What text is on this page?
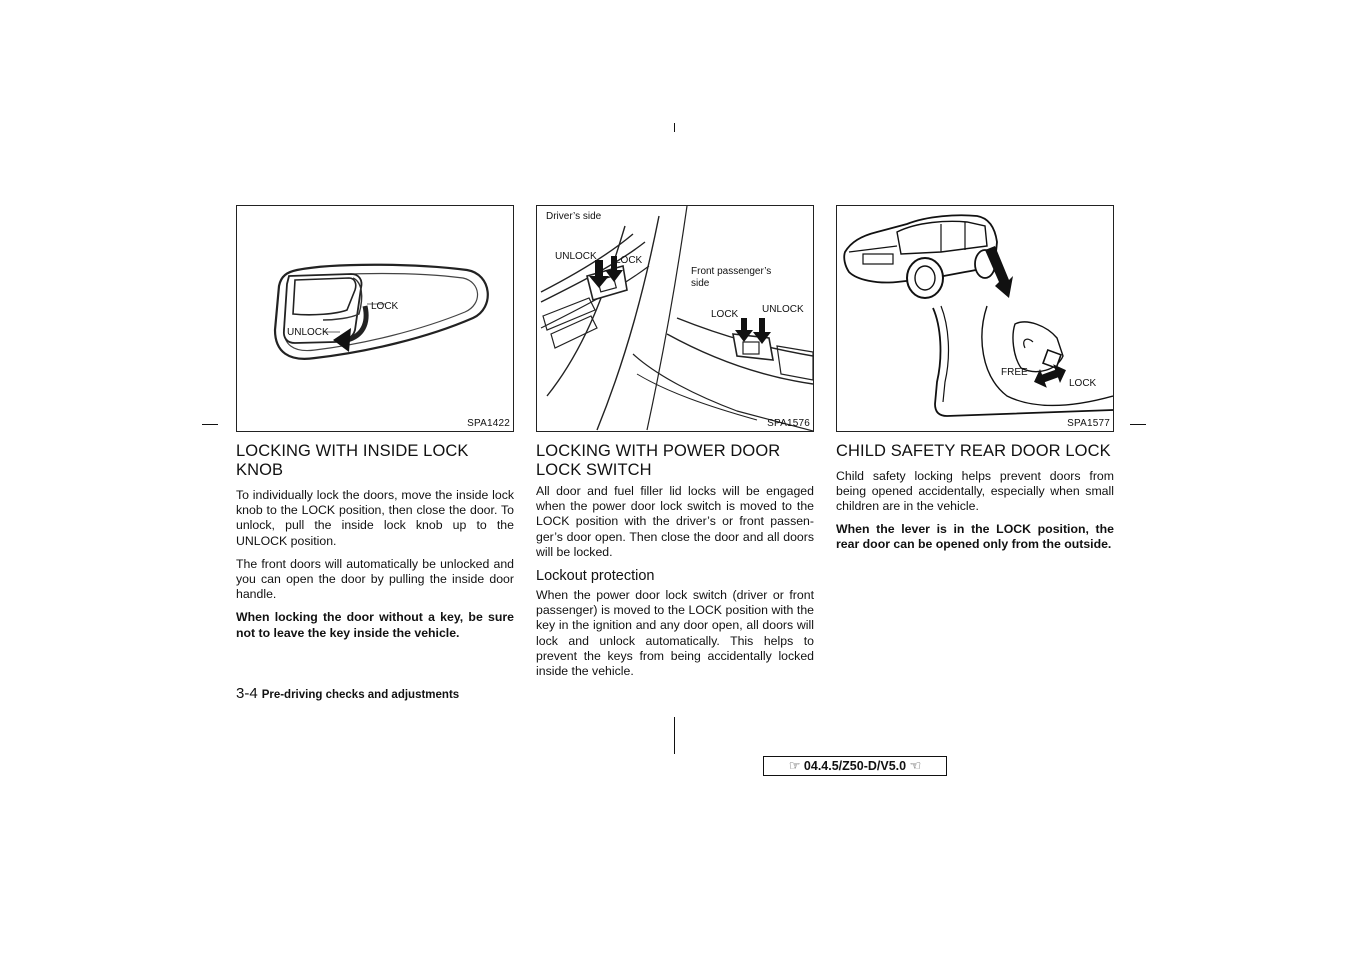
LOCK
UNLOCK
SPA1422
Driver’s side
UNLOCK LOCK
Front passenger’s
side
LOCK UNLOCK
SPA1576
FREE
LOCK
SPA1577
LOCKING WITH INSIDE LOCK
KNOB

To individually lock the doors, move the inside lock knob to the LOCK position, then close the door. To unlock, pull the inside lock knob up to the UNLOCK position.

The front doors will automatically be unlocked and you can open the door by pulling the inside door handle.

When locking the door without a key, be sure not to leave the key inside the vehicle.

LOCKING WITH POWER DOOR
LOCK SWITCH

All door and fuel filler lid locks will be engaged when the power door lock switch is moved to the LOCK position with the driver’s or front passen-ger’s door open. Then close the door and all doors will be locked.

Lockout protection

When the power door lock switch (driver or front passenger) is moved to the LOCK position with the key in the ignition and any door open, all doors will lock and unlock automatically. This helps to prevent the keys from being accidentally locked inside the vehicle.

CHILD SAFETY REAR DOOR LOCK

Child safety locking helps prevent doors from being opened accidentally, especially when small children are in the vehicle.

When the lever is in the LOCK position, the rear door can be opened only from the outside.

3-4 Pre-driving checks and adjustments
☞ 04.4.5/Z50-D/V5.0 ☜
